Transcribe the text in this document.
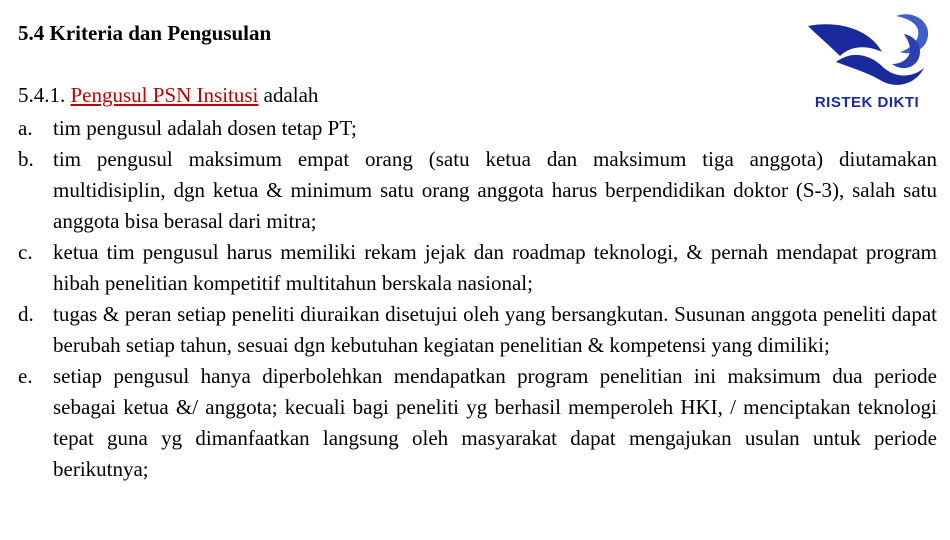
5.4 Kriteria dan Pengusulan
RISTEK DIKTI
5.4.1. Pengusul PSN Insitusi adalah
a. tim pengusul adalah dosen tetap PT;
b. tim pengusul maksimum empat orang (satu ketua dan maksimum tiga anggota) diutamakan multidisiplin, dgn ketua & minimum satu orang anggota harus berpendidikan doktor (S-3), salah satu anggota bisa berasal dari mitra;
c. ketua tim pengusul harus memiliki rekam jejak dan roadmap teknologi, & pernah mendapat program hibah penelitian kompetitif multitahun berskala nasional;
d. tugas & peran setiap peneliti diuraikan disetujui oleh yang bersangkutan. Susunan anggota peneliti dapat berubah setiap tahun, sesuai dgn kebutuhan kegiatan penelitian & kompetensi yang dimiliki;
e. setiap pengusul hanya diperbolehkan mendapatkan program penelitian ini maksimum dua periode sebagai ketua &/ anggota; kecuali bagi peneliti yg berhasil memperoleh HKI, / menciptakan teknologi tepat guna yg dimanfaatkan langsung oleh masyarakat dapat mengajukan usulan untuk periode berikutnya;
